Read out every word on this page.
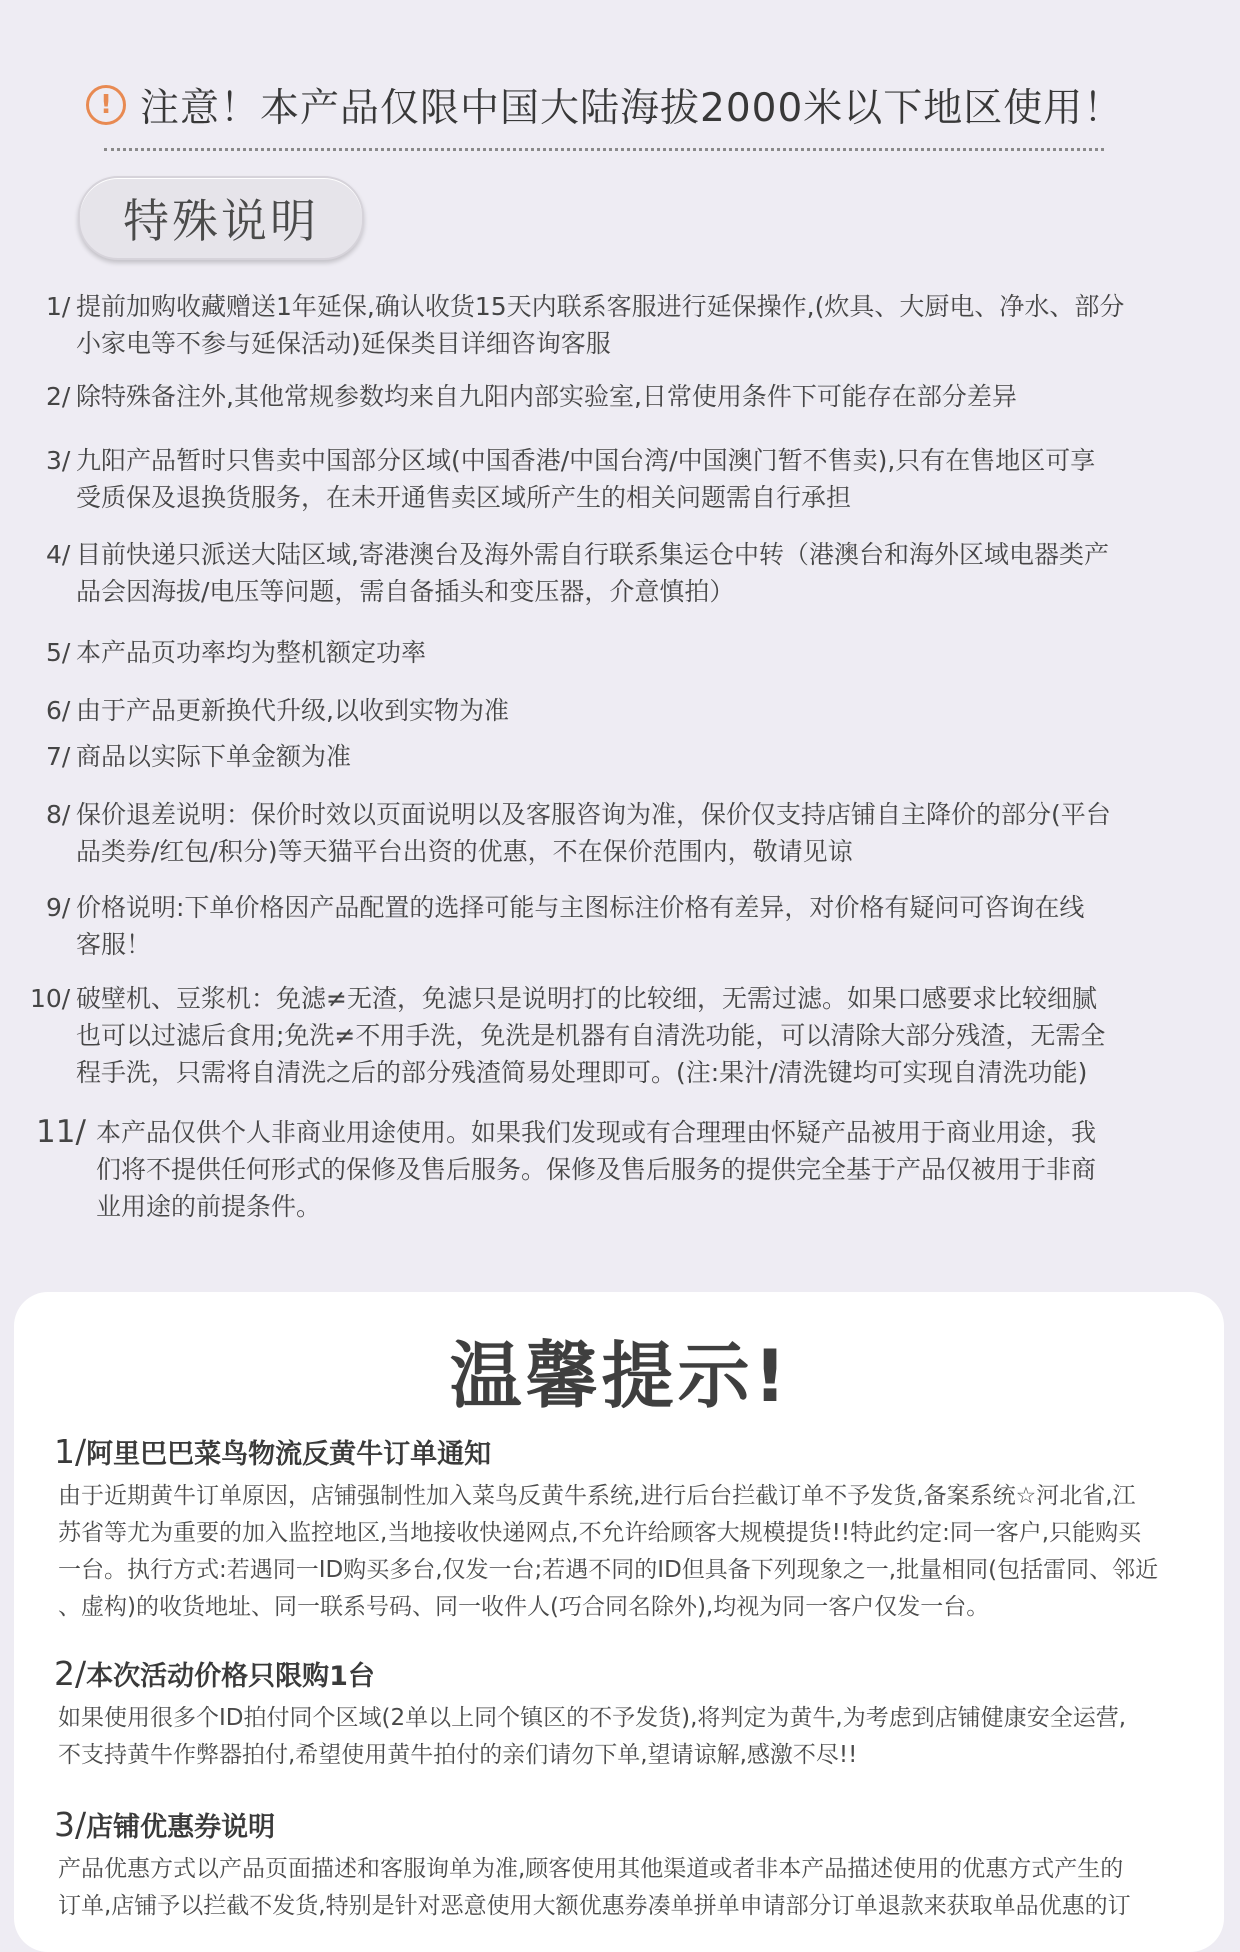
! 注意！本产品仅限中国大陆海拔2000米以下地区使用！
特殊说明
1/ 提前加购收藏赠送1年延保,确认收货15天内联系客服进行延保操作,(炊具、大厨电、净水、部分
小家电等不参与延保活动)延保类目详细咨询客服
2/ 除特殊备注外,其他常规参数均来自九阳内部实验室,日常使用条件下可能存在部分差异
3/ 九阳产品暂时只售卖中国部分区域(中国香港/中国台湾/中国澳门暂不售卖),只有在售地区可享
受质保及退换货服务，在未开通售卖区域所产生的相关问题需自行承担
4/ 目前快递只派送大陆区域,寄港澳台及海外需自行联系集运仓中转（港澳台和海外区域电器类产
品会因海拔/电压等问题，需自备插头和变压器，介意慎拍）
5/ 本产品页功率均为整机额定功率
6/ 由于产品更新换代升级,以收到实物为准
7/ 商品以实际下单金额为准
8/ 保价退差说明：保价时效以页面说明以及客服咨询为准，保价仅支持店铺自主降价的部分(平台
品类券/红包/积分)等天猫平台出资的优惠，不在保价范围内，敬请见谅
9/ 价格说明:下单价格因产品配置的选择可能与主图标注价格有差异，对价格有疑问可咨询在线
客服！
10/ 破壁机、豆浆机：免滤≠无渣，免滤只是说明打的比较细，无需过滤。如果口感要求比较细腻
也可以过滤后食用;免洗≠不用手洗，免洗是机器有自清洗功能，可以清除大部分残渣，无需全
程手洗，只需将自清洗之后的部分残渣简易处理即可。(注:果汁/清洗键均可实现自清洗功能)
11/ 本产品仅供个人非商业用途使用。如果我们发现或有合理理由怀疑产品被用于商业用途，我
们将不提供任何形式的保修及售后服务。保修及售后服务的提供完全基于产品仅被用于非商
业用途的前提条件。
温馨提示!
1/阿里巴巴菜鸟物流反黄牛订单通知
由于近期黄牛订单原因，店铺强制性加入菜鸟反黄牛系统,进行后台拦截订单不予发货,备案系统☆河北省,江
苏省等尤为重要的加入监控地区,当地接收快递网点,不允许给顾客大规模提货!!特此约定:同一客户,只能购买
一台。执行方式:若遇同一ID购买多台,仅发一台;若遇不同的ID但具备下列现象之一,批量相同(包括雷同、邻近
、虚构)的收货地址、同一联系号码、同一收件人(巧合同名除外),均视为同一客户仅发一台。
2/本次活动价格只限购1台
如果使用很多个ID拍付同个区域(2单以上同个镇区的不予发货),将判定为黄牛,为考虑到店铺健康安全运营,
不支持黄牛作弊器拍付,希望使用黄牛拍付的亲们请勿下单,望请谅解,感激不尽!!
3/店铺优惠券说明
产品优惠方式以产品页面描述和客服询单为准,顾客使用其他渠道或者非本产品描述使用的优惠方式产生的
订单,店铺予以拦截不发货,特别是针对恶意使用大额优惠券凑单拼单申请部分订单退款来获取单品优惠的订
